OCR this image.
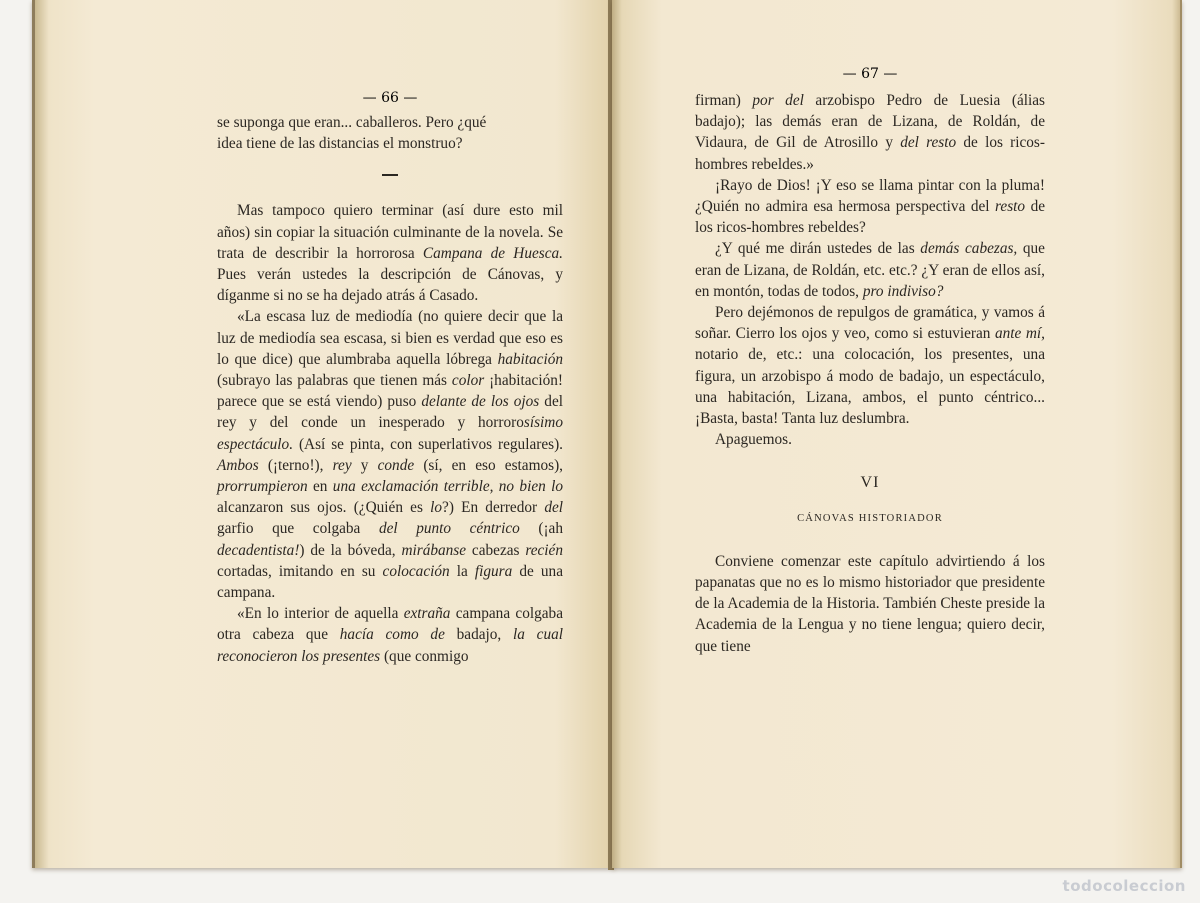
— 66 —

se suponga que eran... caballeros. Pero ¿qué

idea tiene de las distancias el monstruo?

Mas tampoco quiero terminar (así dure esto mil años) sin copiar la situación culminante de la novela. Se trata de describir la horrorosa Campana de Huesca. Pues verán ustedes la descripción de Cánovas, y díganme si no se ha dejado atrás á Casado.

«La escasa luz de mediodía (no quiere decir que la luz de mediodía sea escasa, si bien es verdad que eso es lo que dice) que alumbraba aquella lóbrega habitación (subrayo las palabras que tienen más color ¡habitación! parece que se está viendo) puso delante de los ojos del rey y del conde un inesperado y horrorosísimo espectáculo. (Así se pinta, con superlativos regulares). Ambos (¡terno!), rey y conde (sí, en eso estamos), prorrumpieron en una exclamación terrible, no bien lo alcanzaron sus ojos. (¿Quién es lo?) En derredor del garfio que colgaba del punto céntrico (¡ah decadentista!) de la bóveda, mirábanse cabezas recién cortadas, imitando en su colocación la figura de una campana.

«En lo interior de aquella extraña campana colgaba otra cabeza que hacía como de badajo, la cual reconocieron los presentes (que conmigo

— 67 —

firman) por del arzobispo Pedro de Luesia (álias badajo); las demás eran de Lizana, de Roldán, de Vidaura, de Gil de Atrosillo y del resto de los ricos-hombres rebeldes.»

¡Rayo de Dios! ¡Y eso se llama pintar con la pluma! ¿Quién no admira esa hermosa perspectiva del resto de los ricos-hombres rebeldes?

¿Y qué me dirán ustedes de las demás cabezas, que eran de Lizana, de Roldán, etc. etc.? ¿Y eran de ellos así, en montón, todas de todos, pro indiviso?

Pero dejémonos de repulgos de gramática, y vamos á soñar. Cierro los ojos y veo, como si estuvieran ante mí, notario de, etc.: una colocación, los presentes, una figura, un arzobispo á modo de badajo, un espectáculo, una habitación, Lizana, ambos, el punto céntrico... ¡Basta, basta! Tanta luz deslumbra.

Apaguemos.

VI
CÁNOVAS HISTORIADOR

Conviene comenzar este capítulo advirtiendo á los papanatas que no es lo mismo historiador que presidente de la Academia de la Historia. También Cheste preside la Academia de la Lengua y no tiene lengua; quiero decir, que tiene

todocoleccion
